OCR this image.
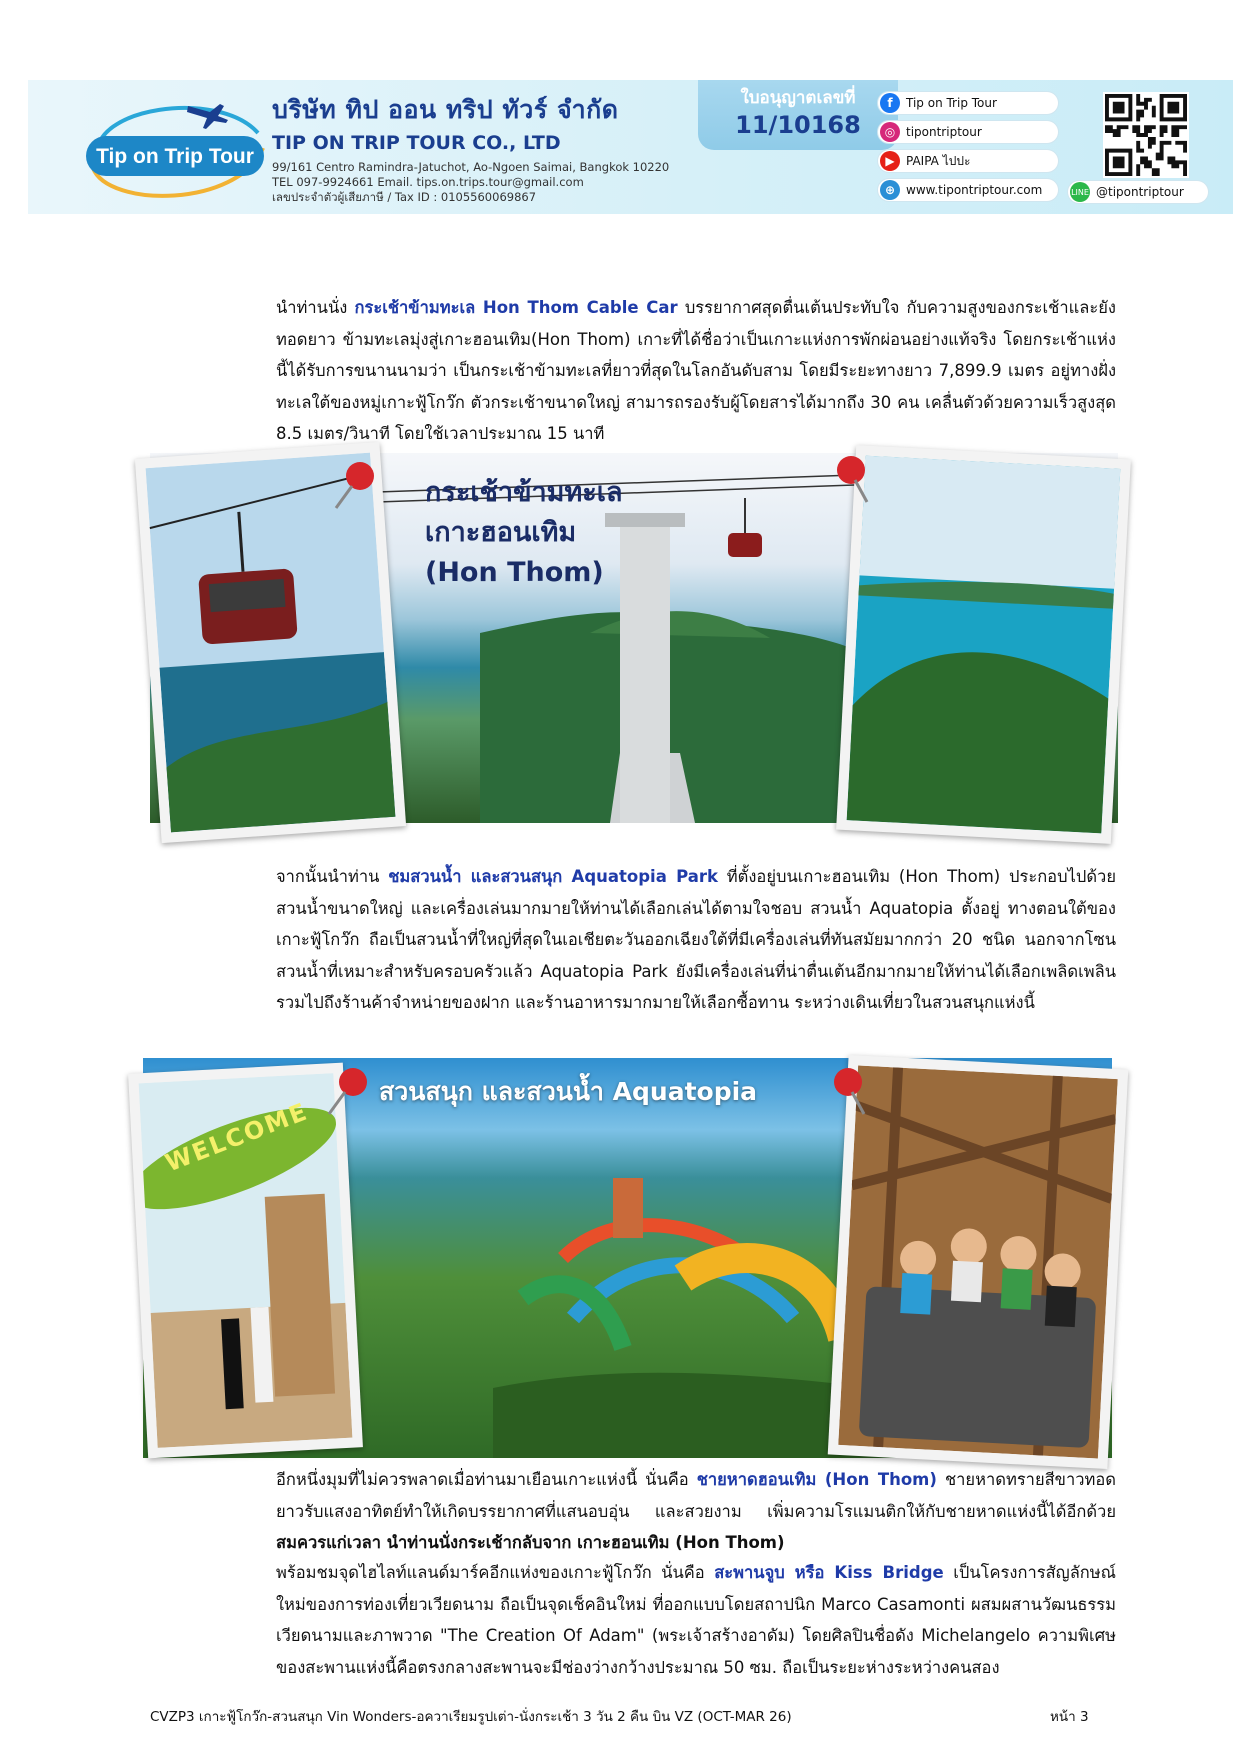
Tip on Trip Tour
บริษัท ทิป ออน ทริป ทัวร์ จำกัด
TIP ON TRIP TOUR CO., LTD
99/161 Centro Ramindra-Jatuchot, Ao-Ngoen Saimai, Bangkok 10220
TEL 097-9924661 Email. tips.on.trips.tour@gmail.com
เลขประจำตัวผู้เสียภาษี / Tax ID : 0105560069867
ใบอนุญาตเลขที่
11/10168
f	Tip on Trip Tour
◎ tipontriptour
▶ PAIPA ไปปะ
⊕ www.tipontriptour.com	LINE @tipontriptour
นำท่านนั่ง กระเช้าข้ามทะเล Hon Thom Cable Car บรรยากาศสุดตื่นเต้นประทับใจ กับความสูงของกระเช้าและยังทอดยาว ข้ามทะเลมุ่งสู่เกาะฮอนเทิม(Hon Thom) เกาะที่ได้ชื่อว่าเป็นเกาะแห่งการพักผ่อนอย่างแท้จริง โดยกระเช้าแห่งนี้ได้รับการขนานนามว่า เป็นกระเช้าข้ามทะเลที่ยาวที่สุดในโลกอันดับสาม โดยมีระยะทางยาว 7,899.9 เมตร อยู่ทางฝั่งทะเลใต้ของหมู่เกาะฟู้โกว๊ก ตัวกระเช้าขนาดใหญ่ สามารถรองรับผู้โดยสารได้มากถึง 30 คน เคลื่นตัวด้วยความเร็วสูงสุด 8.5 เมตร/วินาที โดยใช้เวลาประมาณ 15 นาที
กระเช้าข้ามทะเล
เกาะฮอนเทิม
(Hon Thom)
จากนั้นนำท่าน ชมสวนน้ำ และสวนสนุก Aquatopia Park ที่ตั้งอยู่บนเกาะฮอนเทิม (Hon Thom) ประกอบไปด้วยสวนน้ำขนาดใหญ่ และเครื่องเล่นมากมายให้ท่านได้เลือกเล่นได้ตามใจชอบ สวนน้ำ Aquatopia ตั้งอยู่ ทางตอนใต้ของเกาะฟู้โกว๊ก ถือเป็นสวนน้ำที่ใหญ่ที่สุดในเอเชียตะวันออกเฉียงใต้ที่มีเครื่องเล่นที่ทันสมัยมากกว่า 20 ชนิด นอกจากโซนสวนน้ำที่เหมาะสำหรับครอบครัวแล้ว Aquatopia Park ยังมีเครื่องเล่นที่น่าตื่นเต้นอีกมากมายให้ท่านได้เลือกเพลิดเพลิน รวมไปถึงร้านค้าจำหน่ายของฝาก และร้านอาหารมากมายให้เลือกซื้อทาน ระหว่างเดินเที่ยวในสวนสนุกแห่งนี้
สวนสนุก และสวนน้ำ Aquatopia
WELCOME
อีกหนึ่งมุมที่ไม่ควรพลาดเมื่อท่านมาเยือนเกาะแห่งนี้ นั่นคือ ชายหาดฮอนเทิม (Hon Thom) ชายหาดทรายสีขาวทอดยาวรับแสงอาทิตย์ทำให้เกิดบรรยากาศที่แสนอบอุ่น และสวยงาม เพิ่มความโรแมนติกให้กับชายหาดแห่งนี้ได้อีกด้วย สมควรแก่เวลา นำท่านนั่งกระเช้ากลับจาก เกาะฮอนเทิม (Hon Thom)
พร้อมชมจุดไฮไลท์แลนด์มาร์คอีกแห่งของเกาะฟู้โกว๊ก นั่นคือ สะพานจูบ หรือ Kiss Bridge เป็นโครงการสัญลักษณ์ใหม่ของการท่องเที่ยวเวียดนาม ถือเป็นจุดเช็คอินใหม่ ที่ออกแบบโดยสถาปนิก Marco Casamonti ผสมผสานวัฒนธรรมเวียดนามและภาพวาด "The Creation Of Adam" (พระเจ้าสร้างอาดัม) โดยศิลปินชื่อดัง Michelangelo ความพิเศษของสะพานแห่งนี้คือตรงกลางสะพานจะมีช่องว่างกว้างประมาณ 50 ซม. ถือเป็นระยะห่างระหว่างคนสอง
CVZP3 เกาะฟู้โกว๊ก-สวนสนุก Vin Wonders-อควาเรียมรูปเต่า-นั่งกระเช้า 3 วัน 2 คืน บิน VZ (OCT-MAR 26)	หน้า 3
